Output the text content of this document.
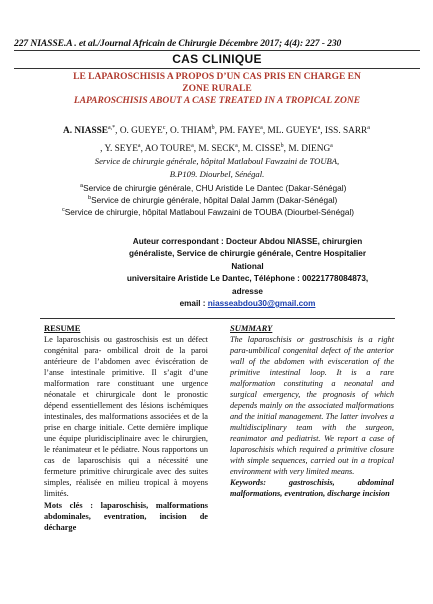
227 NIASSE.A . et al./Journal Africain de Chirurgie Décembre 2017; 4(4): 227 - 230
CAS CLINIQUE
LE LAPAROSCHISIS A PROPOS D’UN CAS PRIS EN CHARGE EN
ZONE RURALE
LAPAROSCHISIS ABOUT A CASE TREATED IN A TROPICAL ZONE
A. $NIASSE^{a,*}$, O. GUEYE$^c$, O. THIAM$^b$, PM. FAYE$^a$, ML. GUEYE$^a$, ISS. SARR$^a$
, Y. SEYE$^a$, AO TOURE$^a$, M. SECK$^a$, M. CISSE$^b$, M. DIENG$^a$
Service de chirurgie générale, hôpital Matlaboul Fawzaini de TOUBA,
B.P109. Diourbel, Sénégal.
$^a$Service de chirurgie générale, CHU Aristide Le Dantec (Dakar-Sénégal)
$^b$Service de chirurgie générale, hôpital Dalal Jamm (Dakar-Sénégal)
$^c$Service de chirurgie, hôpital Matlaboul Fawzaini de TOUBA (Diourbel-Sénégal)
Auteur correspondant : Docteur Abdou NIASSE, chirurgien
généraliste, Service de chirurgie générale, Centre Hospitalier National
universitaire Aristide Le Dantec, Téléphone : 00221778084873, adresse
email : niasseabdou30@gmail.com
RESUME
Le laparoschisis ou gastroschisis est un défect congénital para- ombilical droit de la paroi antérieure de l’abdomen avec éviscération de l’anse intestinale primitive. Il s’agit d’une malformation rare constituant une urgence néonatale et chirurgicale dont le pronostic dépend essentiellement des lésions ischémiques intestinales, des malformations associées et de la prise en charge initiale. Cette dernière implique une équipe pluridisciplinaire avec le chirurgien, le réanimateur et le pédiatre. Nous rapportons un cas de laparoschisis qui a nécessité une fermeture primitive chirurgicale avec des suites simples, réalisée en milieu tropical à moyens limités.
Mots clés : laparoschisis, malformations abdominales, eventration, incision de décharge
SUMMARY
The laparoschisis or gastroschisis is a right para-umbilical congenital defect of the anterior wall of the abdomen with evisceration of the primitive intestinal loop. It is a rare malformation constituting a neonatal and surgical emergency, the prognosis of which depends mainly on the associated malformations and the initial management. The latter involves a multidisciplinary team with the surgeon, reanimator and pediatrist. We report a case of laparoschisis which required a primitive closure with simple sequences, carried out in a tropical environment with very limited means.
Keywords: gastroschisis, abdominal malformations, eventration, discharge incision
